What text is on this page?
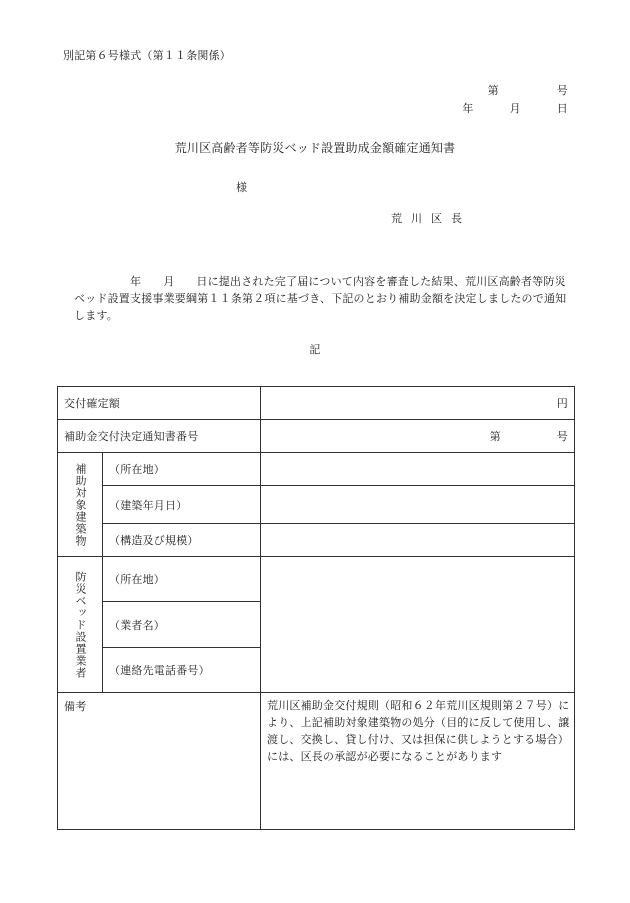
別記第６号様式（第１１条関係）
第	号
年	月	日
荒川区高齢者等防災ベッド設置助成金額確定通知書
様
荒川区長
年 月 日に提出された完了届について内容を審査した結果、荒川区高齢者等防災ベッド設置支援事業要綱第１１条第２項に基づき、下記のとおり補助金額を決定しましたので通知します。
記
交付確定額		円
補助金交付決定通知書番号		第 号
補助対象建築物	（所在地）	
	（建築年月日）	
	（構造及び規模）	
防災ベッド設置業者	（所在地）	
	（業者名）	
	（連絡先電話番号）	
備考		荒川区補助金交付規則（昭和６２年荒川区規則第２７号）により、上記補助対象建築物の処分（目的に反して使用し、譲渡し、交換し、貸し付け、又は担保に供しようとする場合）には、区長の承認が必要になることがあります
